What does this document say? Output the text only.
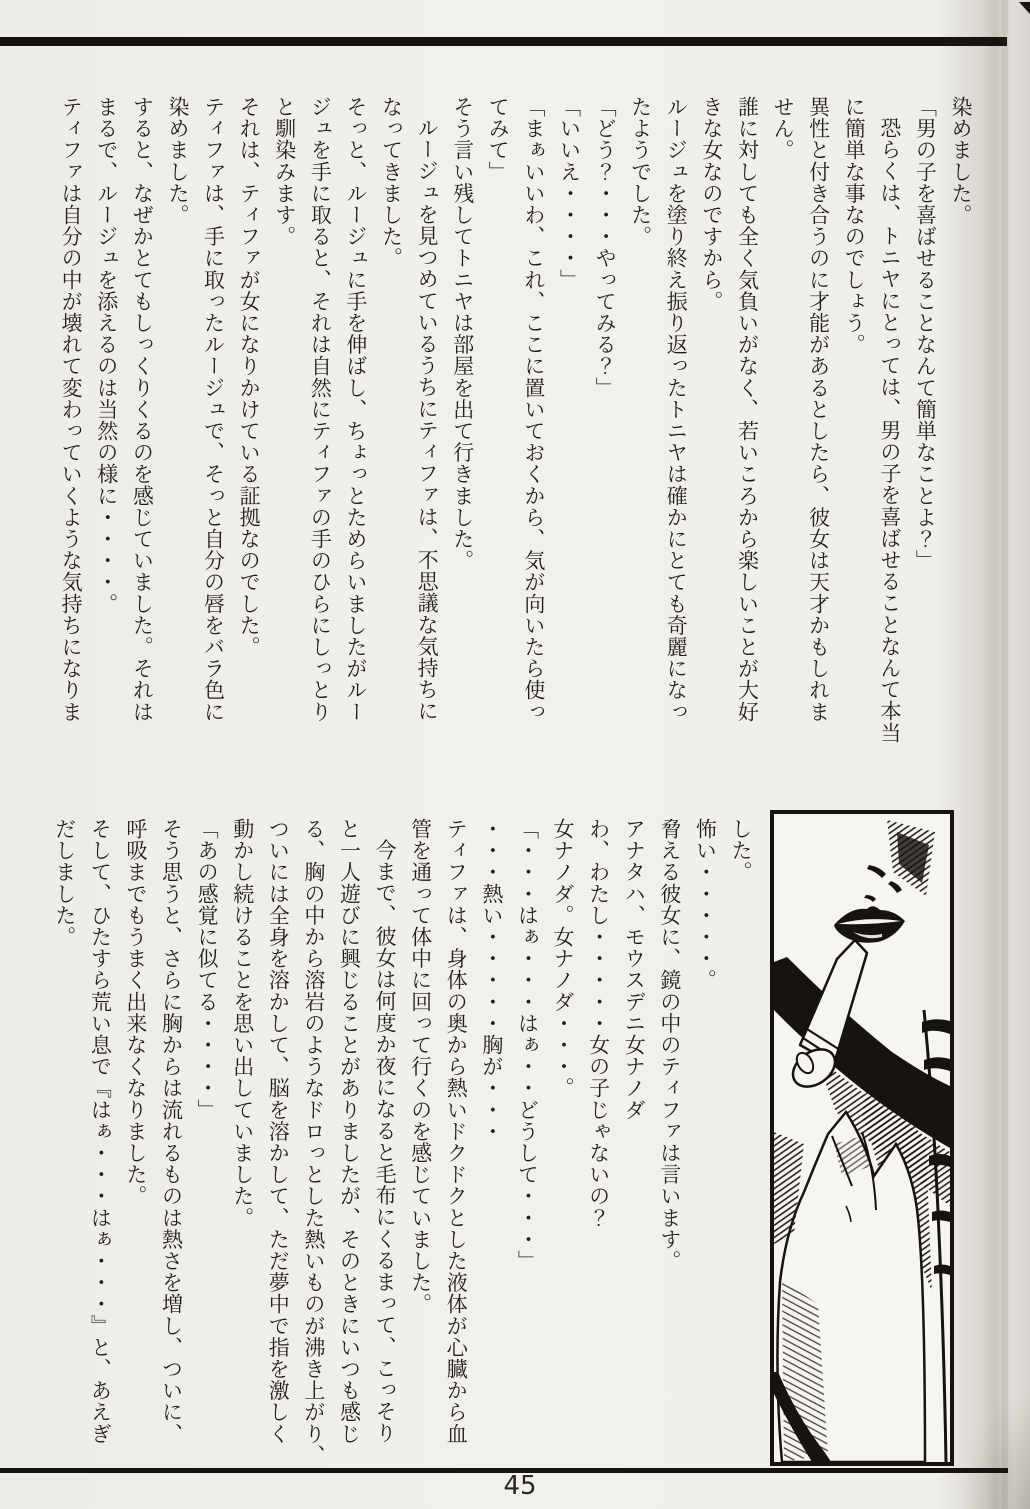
染めました。
「男の子を喜ばせることなんて簡単なことよ？」
恐らくは、トニヤにとっては、男の子を喜ばせることなんて本当
に簡単な事なのでしょう。
異性と付き合うのに才能があるとしたら、彼女は天才かもしれま
せん。
誰に対しても全く気負いがなく、若いころから楽しいことが大好
きな女なのですから。
ルージュを塗り終え振り返ったトニヤは確かにとても奇麗になっ
たようでした。
「どう？・・・やってみる？」
「いいえ・・・・」
「まぁいいわ、これ、ここに置いておくから、気が向いたら使っ
てみて」
そう言い残してトニヤは部屋を出て行きました。
ルージュを見つめているうちにティファは、不思議な気持ちに
なってきました。
そっと、ルージュに手を伸ばし、ちょっとためらいましたがルー
ジュを手に取ると、それは自然にティファの手のひらにしっとり
と馴染みます。
それは、ティファが女になりかけている証拠なのでした。
ティファは、手に取ったルージュで、そっと自分の唇をバラ色に
染めました。
すると、なぜかとてもしっくりくるのを感じていました。それは
まるで、ルージュを添えるのは当然の様に・・・・。
ティファは自分の中が壊れて変わっていくような気持ちになりま
した。
怖い・・・・・。
脅える彼女に、鏡の中のティファは言います。
アナタハ、モウスデニ女ナノダ
わ、わたし・・・・・女の子じゃないの？
女ナノダ。女ナノダ・・・。
「・・・はぁ・・・はぁ・・どうして・・・」
・・・熱い・・・・・胸が・・・
ティファは、身体の奥から熱いドクドクとした液体が心臓から血
管を通って体中に回って行くのを感じていました。
今まで、彼女は何度か夜になると毛布にくるまって、こっそり
と一人遊びに興じることがありましたが、そのときにいつも感じ
る、胸の中から溶岩のようなドロっとした熱いものが沸き上がり、
ついには全身を溶かして、脳を溶かして、ただ夢中で指を激しく
動かし続けることを思い出していました。
「あの感覚に似てる・・・・」
そう思うと、さらに胸からは流れるものは熱さを増し、ついに、
呼吸までもうまく出来なくなりました。
そして、ひたすら荒い息で『はぁ・・・はぁ・・・』と、あえぎ
だしました。
45
